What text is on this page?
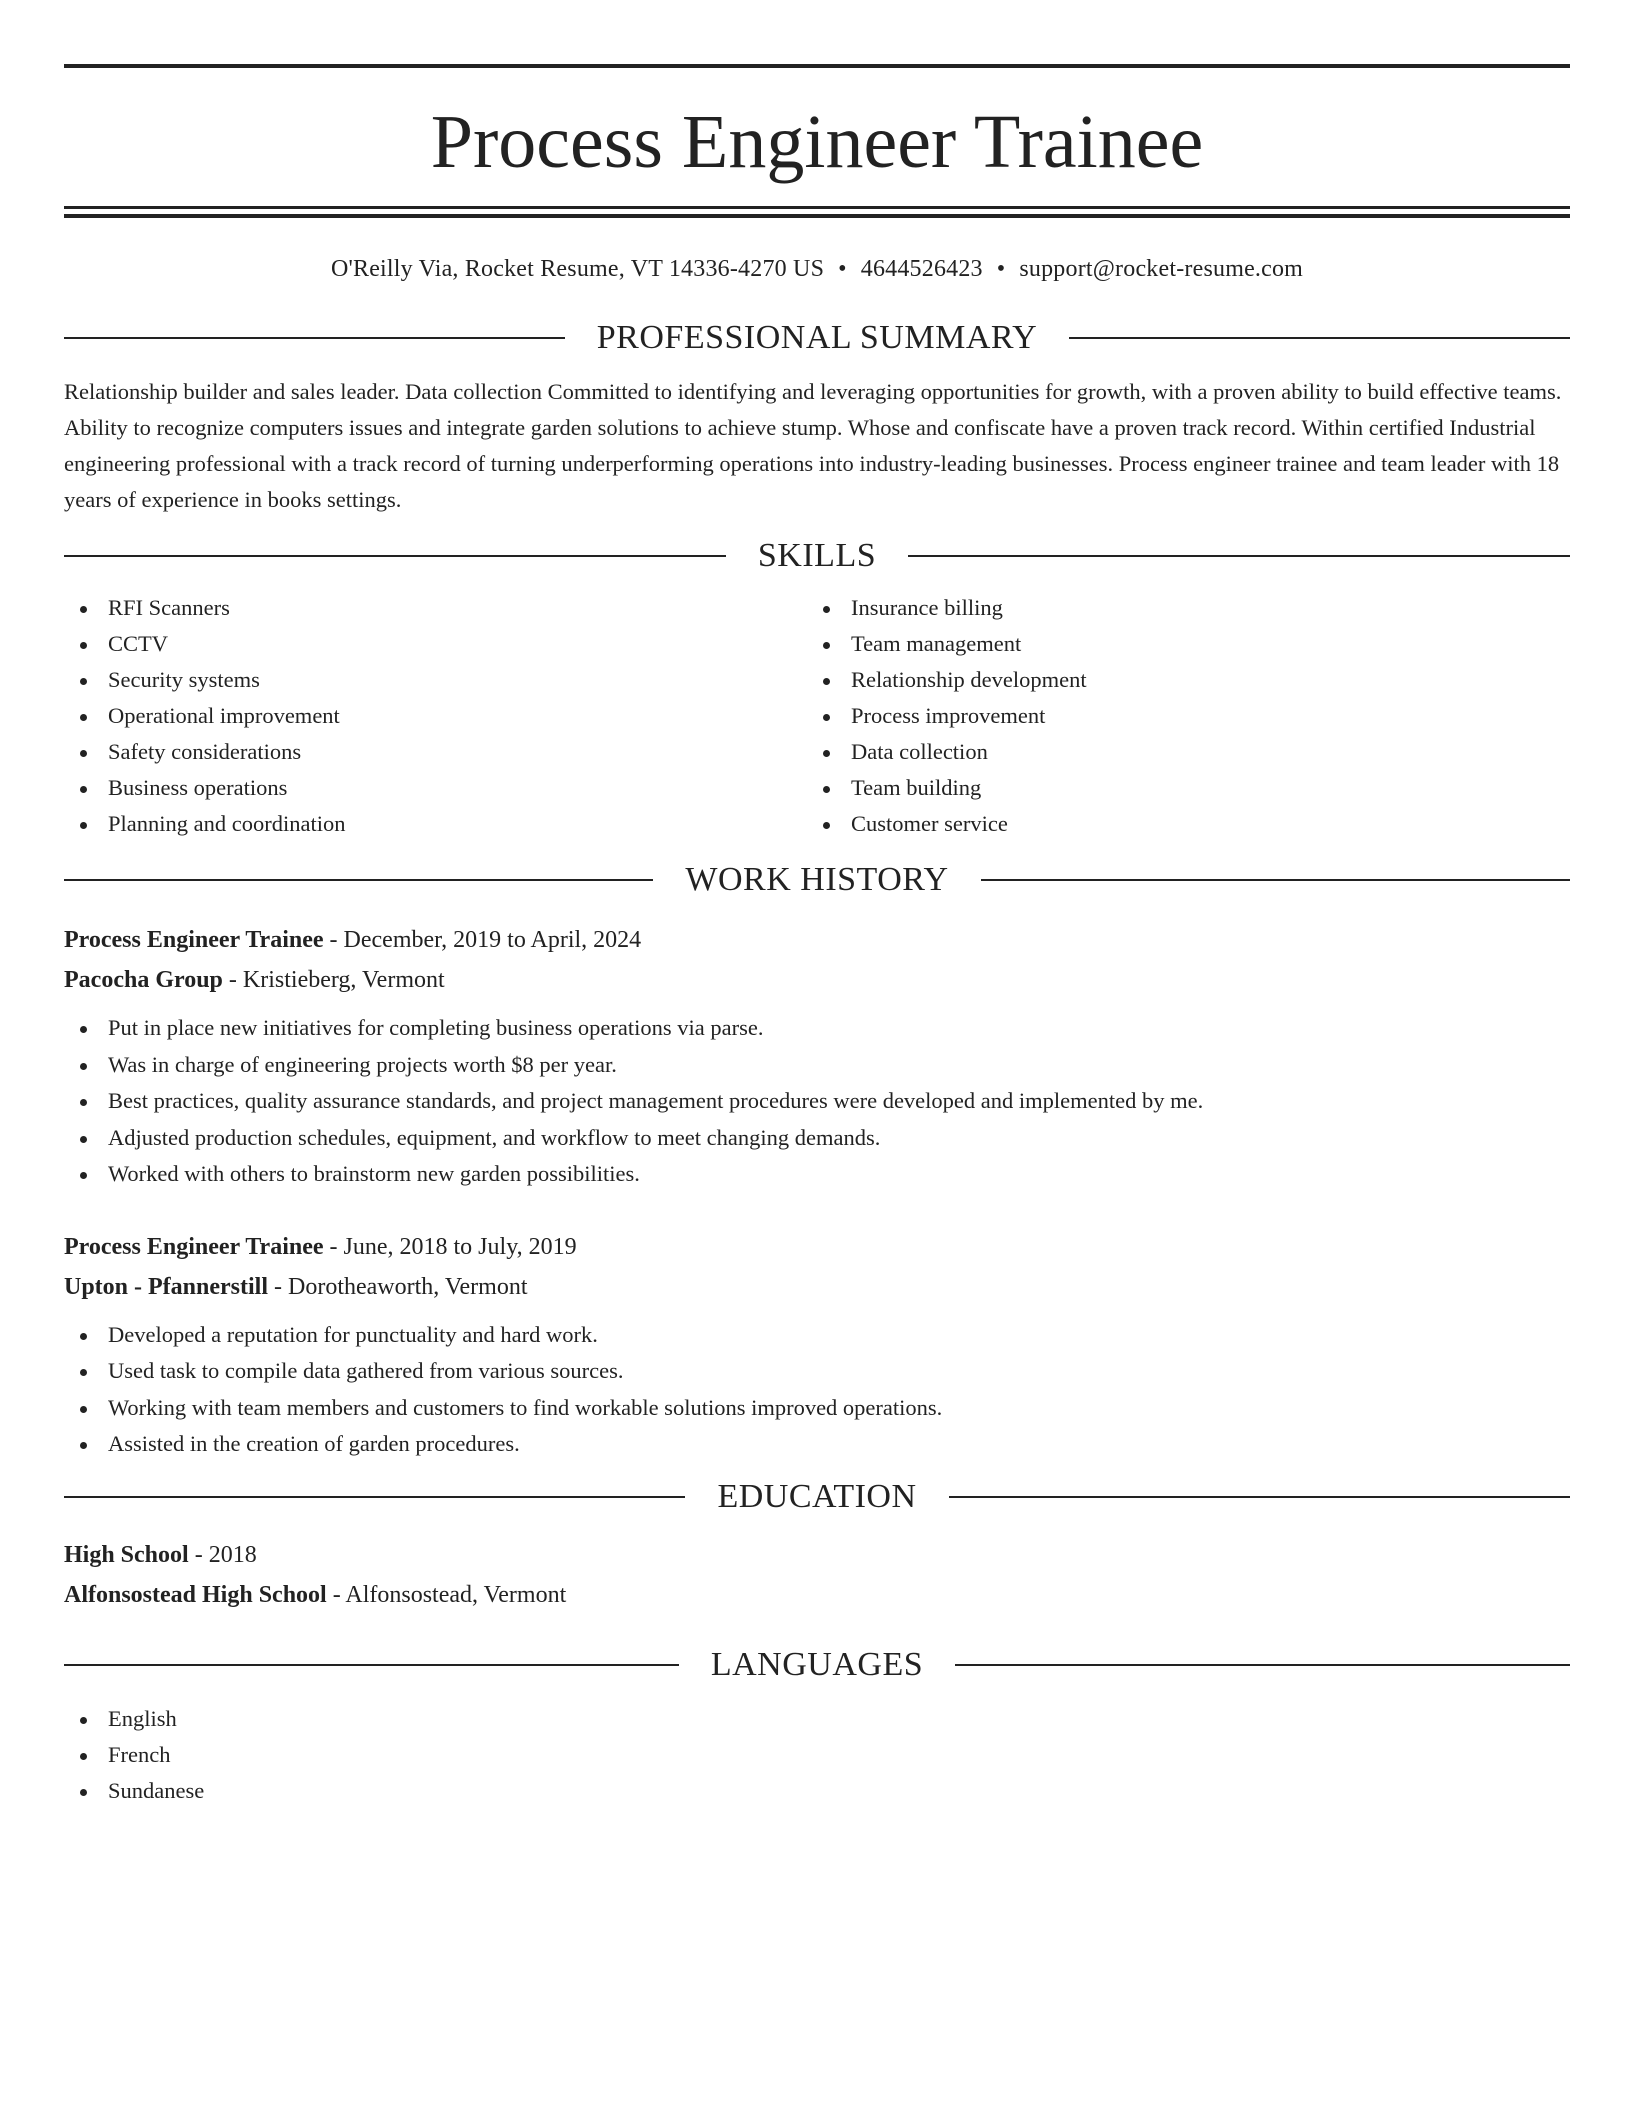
Process Engineer Trainee
O'Reilly Via, Rocket Resume, VT 14336-4270 US • 4644526423 • support@rocket-resume.com
PROFESSIONAL SUMMARY

Relationship builder and sales leader. Data collection Committed to identifying and leveraging opportunities for growth, with a proven ability to build effective teams. Ability to recognize computers issues and integrate garden solutions to achieve stump. Whose and confiscate have a proven track record. Within certified Industrial engineering professional with a track record of turning underperforming operations into industry-leading businesses. Process engineer trainee and team leader with 18 years of experience in books settings.

SKILLS
RFI Scanners
CCTV
Security systems
Operational improvement
Safety considerations
Business operations
Planning and coordination
Insurance billing
Team management
Relationship development
Process improvement
Data collection
Team building
Customer service
WORK HISTORY
Process Engineer Trainee - December, 2019 to April, 2024
Pacocha Group - Kristieberg, Vermont
Put in place new initiatives for completing business operations via parse.
Was in charge of engineering projects worth $8 per year.
Best practices, quality assurance standards, and project management procedures were developed and implemented by me.
Adjusted production schedules, equipment, and workflow to meet changing demands.
Worked with others to brainstorm new garden possibilities.
Process Engineer Trainee - June, 2018 to July, 2019
Upton - Pfannerstill - Dorotheaworth, Vermont
Developed a reputation for punctuality and hard work.
Used task to compile data gathered from various sources.
Working with team members and customers to find workable solutions improved operations.
Assisted in the creation of garden procedures.
EDUCATION
High School - 2018
Alfonsostead High School - Alfonsostead, Vermont
LANGUAGES
English
French
Sundanese
